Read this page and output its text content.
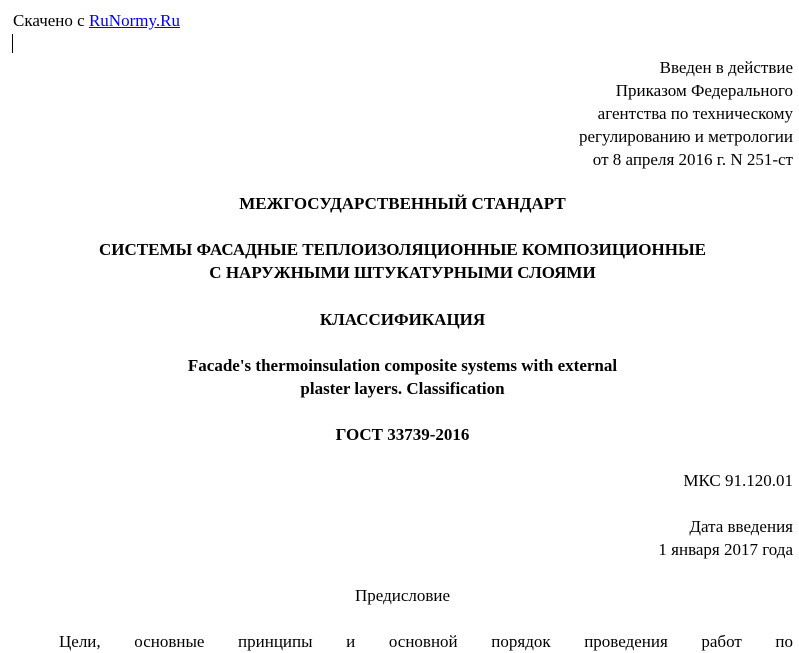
Скачено с RuNormy.Ru
Введен в действие
Приказом Федерального
агентства по техническому
регулированию и метрологии
от 8 апреля 2016 г. N 251-ст
МЕЖГОСУДАРСТВЕННЫЙ СТАНДАРТ
СИСТЕМЫ ФАСАДНЫЕ ТЕПЛОИЗОЛЯЦИОННЫЕ КОМПОЗИЦИОННЫЕ
С НАРУЖНЫМИ ШТУКАТУРНЫМИ СЛОЯМИ
КЛАССИФИКАЦИЯ
Facade's thermoinsulation composite systems with external
plaster layers. Classification
ГОСТ 33739-2016
МКС 91.120.01
Дата введения
1 января 2017 года
Предисловие
Цели, основные принципы и основной порядок проведения работ по
